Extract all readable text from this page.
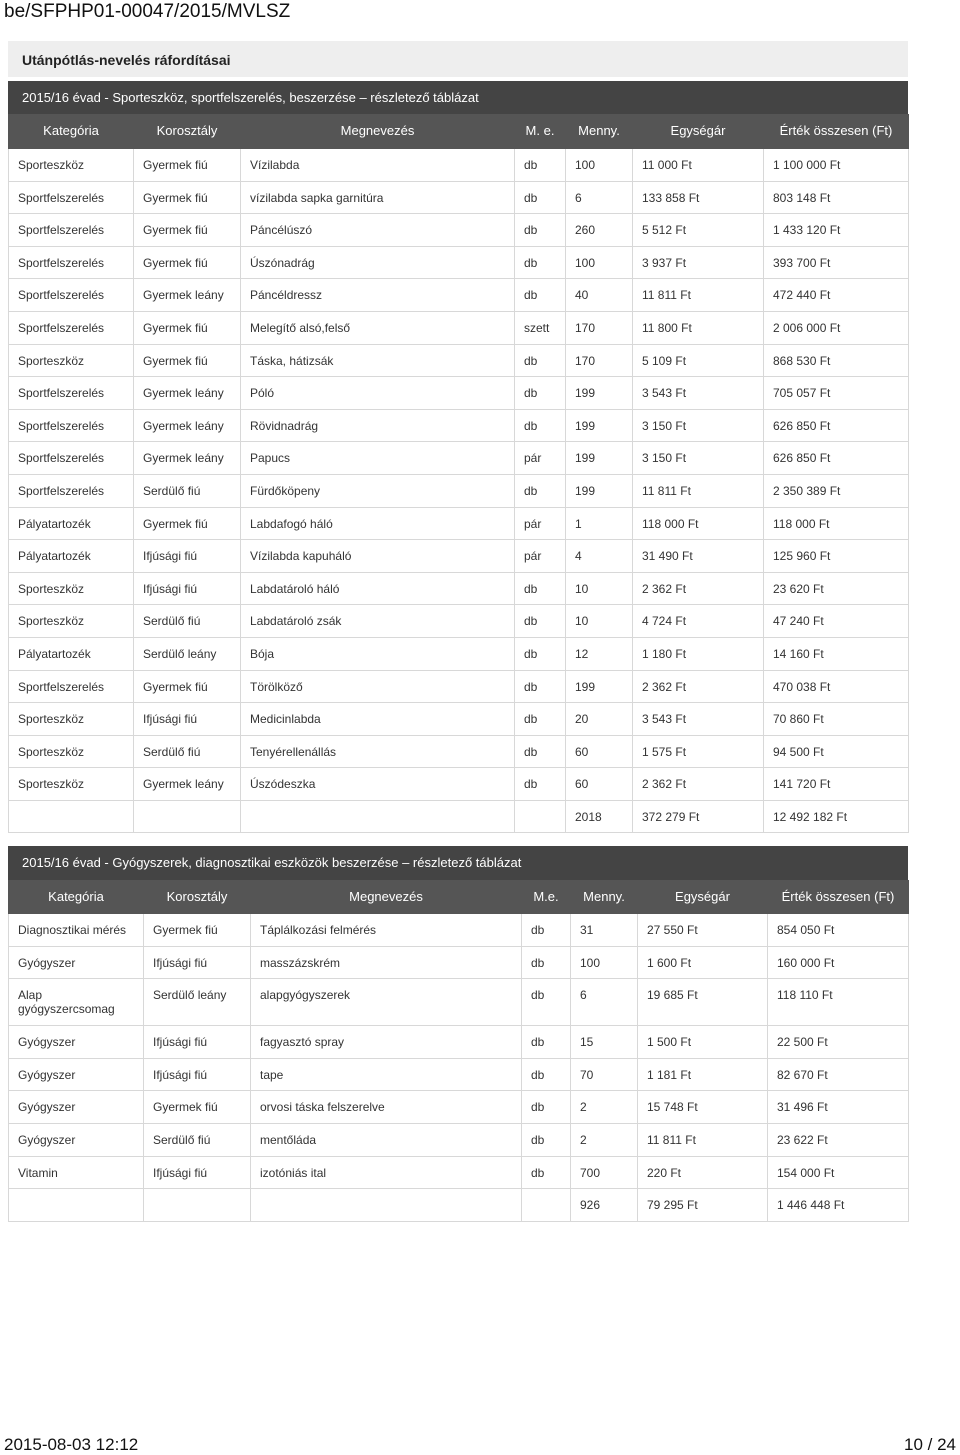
be/SFPHP01-00047/2015/MVLSZ
Utánpótlás-nevelés ráfordításai
2015/16 évad - Sporteszköz, sportfelszerelés, beszerzése – részletező táblázat
Kategória	Korosztály	Megnevezés	M. e.	Menny.	Egységár	Érték összesen (Ft)
Sporteszköz	Gyermek fiú	Vízilabda	db	100	11 000 Ft	1 100 000 Ft
Sportfelszerelés	Gyermek fiú	vízilabda sapka garnitúra	db	6	133 858 Ft	803 148 Ft
Sportfelszerelés	Gyermek fiú	Páncélúszó	db	260	5 512 Ft	1 433 120 Ft
Sportfelszerelés	Gyermek fiú	Úszónadrág	db	100	3 937 Ft	393 700 Ft
Sportfelszerelés	Gyermek leány	Páncéldressz	db	40	11 811 Ft	472 440 Ft
Sportfelszerelés	Gyermek fiú	Melegítő alsó,felső	szett	170	11 800 Ft	2 006 000 Ft
Sporteszköz	Gyermek fiú	Táska, hátizsák	db	170	5 109 Ft	868 530 Ft
Sportfelszerelés	Gyermek leány	Póló	db	199	3 543 Ft	705 057 Ft
Sportfelszerelés	Gyermek leány	Rövidnadrág	db	199	3 150 Ft	626 850 Ft
Sportfelszerelés	Gyermek leány	Papucs	pár	199	3 150 Ft	626 850 Ft
Sportfelszerelés	Serdülő fiú	Fürdőköpeny	db	199	11 811 Ft	2 350 389 Ft
Pályatartozék	Gyermek fiú	Labdafogó háló	pár	1	118 000 Ft	118 000 Ft
Pályatartozék	Ifjúsági fiú	Vízilabda kapuháló	pár	4	31 490 Ft	125 960 Ft
Sporteszköz	Ifjúsági fiú	Labdatároló háló	db	10	2 362 Ft	23 620 Ft
Sporteszköz	Serdülő fiú	Labdatároló zsák	db	10	4 724 Ft	47 240 Ft
Pályatartozék	Serdülő leány	Bója	db	12	1 180 Ft	14 160 Ft
Sportfelszerelés	Gyermek fiú	Törölköző	db	199	2 362 Ft	470 038 Ft
Sporteszköz	Ifjúsági fiú	Medicinlabda	db	20	3 543 Ft	70 860 Ft
Sporteszköz	Serdülő fiú	Tenyérellenállás	db	60	1 575 Ft	94 500 Ft
Sporteszköz	Gyermek leány	Úszódeszka	db	60	2 362 Ft	141 720 Ft
				2018	372 279 Ft	12 492 182 Ft
2015/16 évad - Gyógyszerek, diagnosztikai eszközök beszerzése – részletező táblázat
Kategória	Korosztály	Megnevezés	M.e.	Menny.	Egységár	Érték összesen (Ft)
Diagnosztikai mérés	Gyermek fiú	Táplálkozási felmérés	db	31	27 550 Ft	854 050 Ft
Gyógyszer	Ifjúsági fiú	masszázskrém	db	100	1 600 Ft	160 000 Ft
Alap gyógyszercsomag	Serdülő leány	alapgyógyszerek	db	6	19 685 Ft	118 110 Ft
Gyógyszer	Ifjúsági fiú	fagyasztó spray	db	15	1 500 Ft	22 500 Ft
Gyógyszer	Ifjúsági fiú	tape	db	70	1 181 Ft	82 670 Ft
Gyógyszer	Gyermek fiú	orvosi táska felszerelve	db	2	15 748 Ft	31 496 Ft
Gyógyszer	Serdülő fiú	mentőláda	db	2	11 811 Ft	23 622 Ft
Vitamin	Ifjúsági fiú	izotóniás ital	db	700	220 Ft	154 000 Ft
				926	79 295 Ft	1 446 448 Ft
2015-08-03 12:12	10 / 24
